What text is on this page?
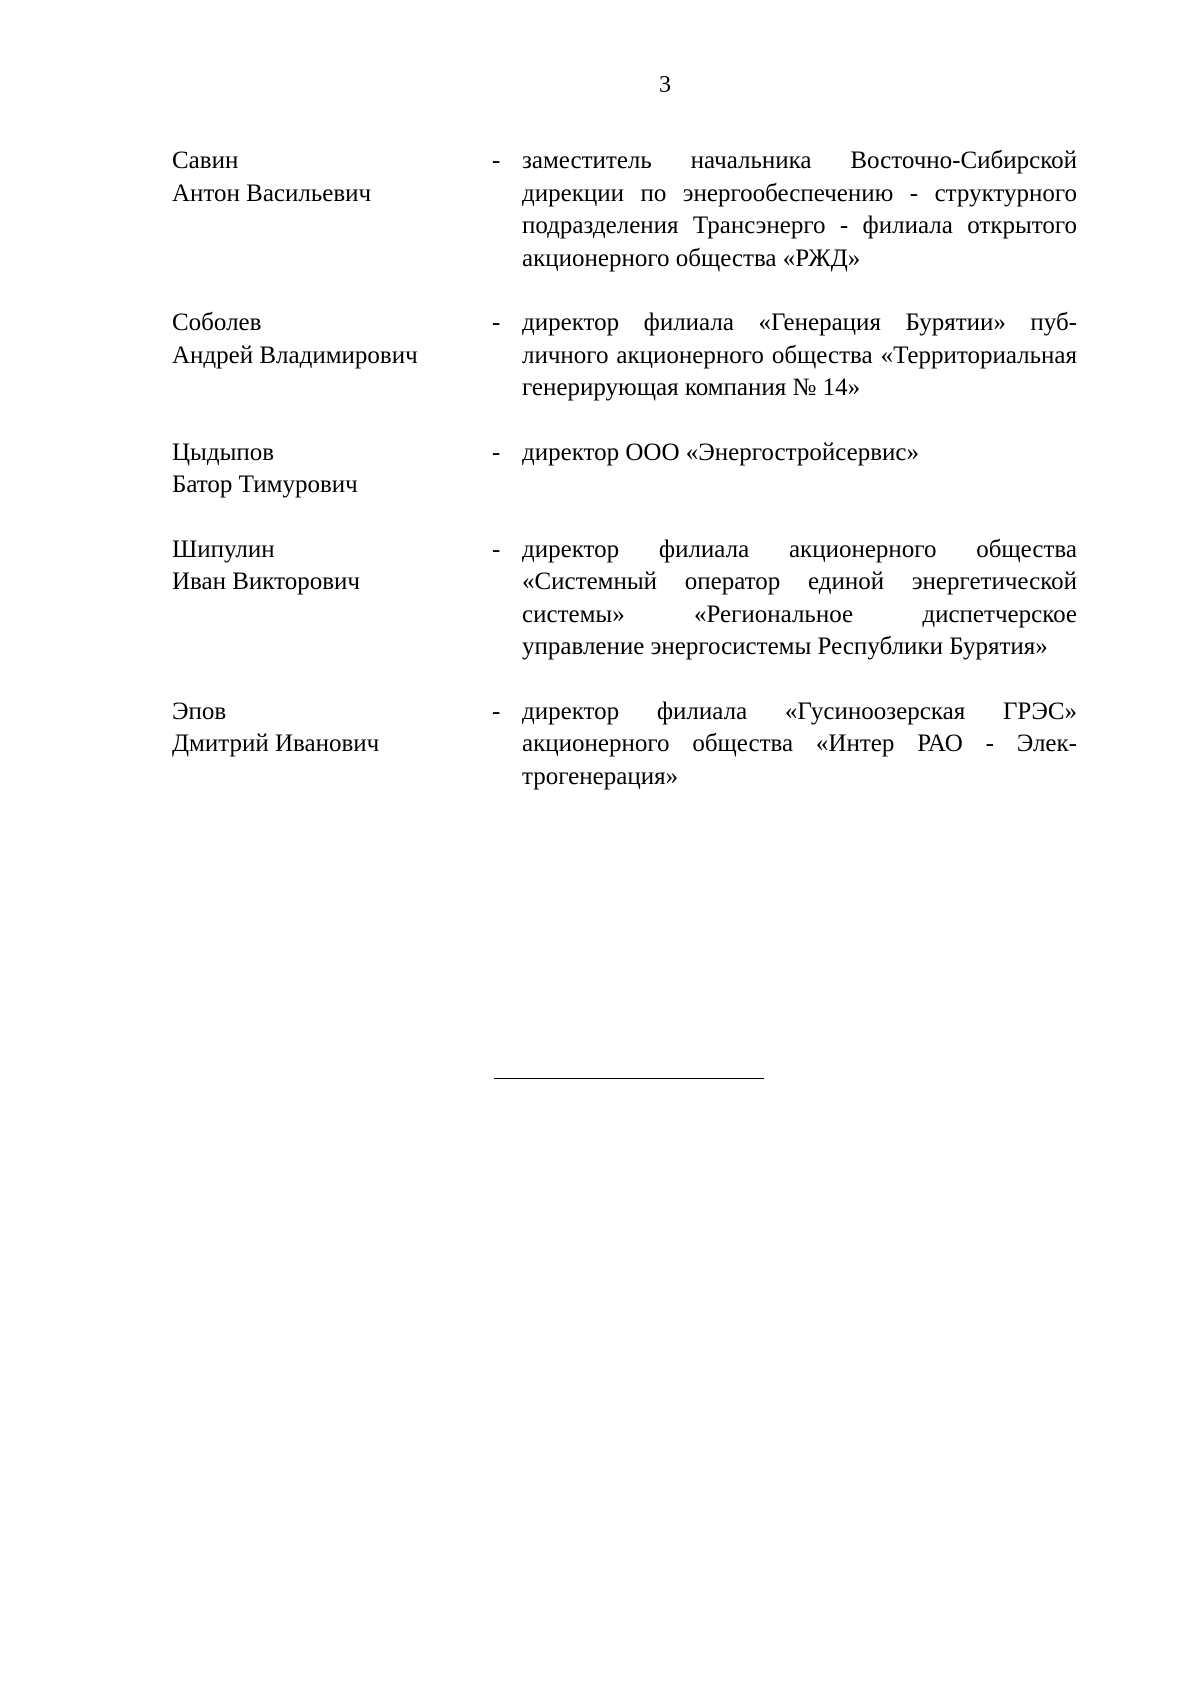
3
Савин
Антон Васильевич
- заместитель начальника Восточно-Сибирской дирекции по энергообеспечению - структурного подразделения Трансэнерго - филиала открытого акционерного общества «РЖД»
Соболев
Андрей Владимирович
- директор филиала «Генерация Бурятии» публичного акционерного общества «Территориальная генерирующая компания № 14»
Цыдыпов
Батор Тимурович
- директор ООО «Энергостройсервис»
Шипулин
Иван Викторович
- директор филиала акционерного общества «Системный оператор единой энергетической системы» «Региональное диспетчерское управление энергосистемы Республики Бурятия»
Эпов
Дмитрий Иванович
- директор филиала «Гусиноозерская ГРЭС» акционерного общества «Интер РАО - Электрогенерация»
